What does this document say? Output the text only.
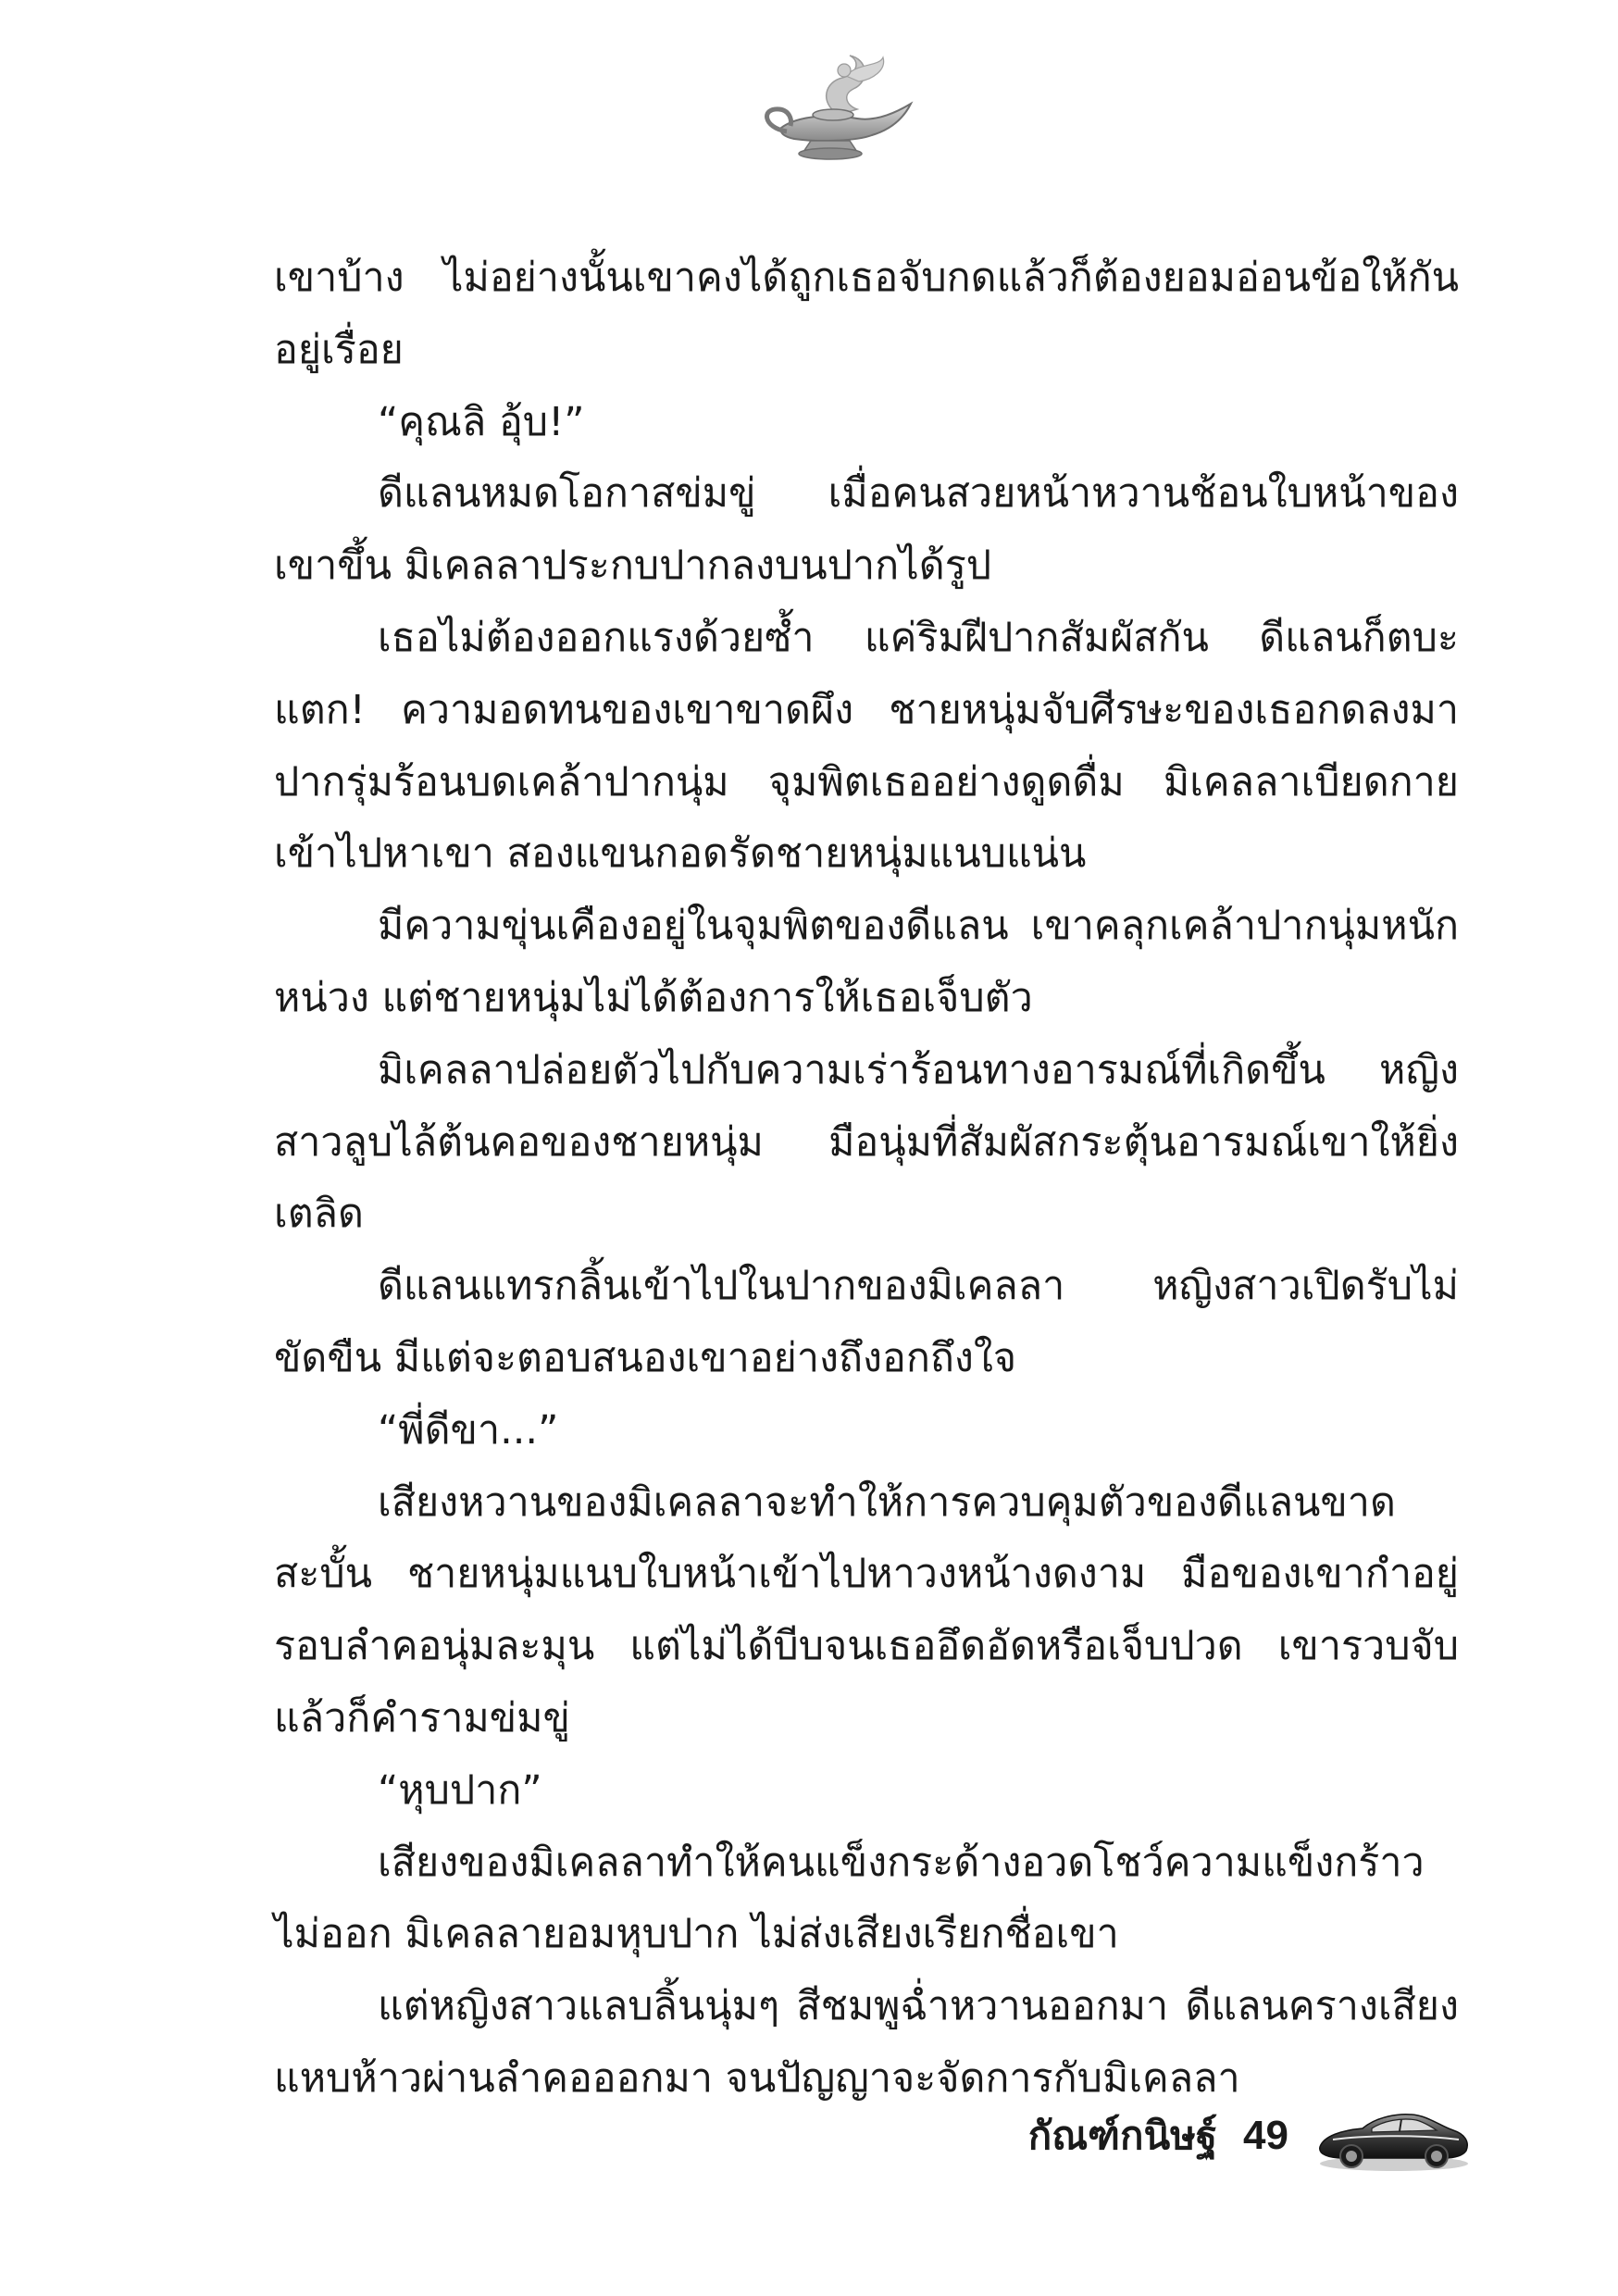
เขาบ้าง ไม่อย่างนั้นเขาคงได้ถูกเธอจับกดแล้วก็ต้องยอมอ่อนข้อให้กันอยู่เรื่อย

“คุณลิ อุ้บ!”

ดีแลนหมดโอกาสข่มขู่ เมื่อคนสวยหน้าหวานช้อนใบหน้าของเขาขึ้น มิเคลลาประกบปากลงบนปากได้รูป

เธอไม่ต้องออกแรงด้วยซ้ำ แค่ริมฝีปากสัมผัสกัน ดีแลนก็ตบะแตก! ความอดทนของเขาขาดผึง ชายหนุ่มจับศีรษะของเธอกดลงมา ปากรุ่มร้อนบดเคล้าปากนุ่ม จุมพิตเธออย่างดูดดื่ม มิเคลลาเบียดกายเข้าไปหาเขา สองแขนกอดรัดชายหนุ่มแนบแน่น

มีความขุ่นเคืองอยู่ในจุมพิตของดีแลน เขาคลุกเคล้าปากนุ่มหนักหน่วง แต่ชายหนุ่มไม่ได้ต้องการให้เธอเจ็บตัว

มิเคลลาปล่อยตัวไปกับความเร่าร้อนทางอารมณ์ที่เกิดขึ้น หญิงสาวลูบไล้ต้นคอของชายหนุ่ม มือนุ่มที่สัมผัสกระตุ้นอารมณ์เขาให้ยิ่งเตลิด

ดีแลนแทรกลิ้นเข้าไปในปากของมิเคลลา หญิงสาวเปิดรับไม่ขัดขืน มีแต่จะตอบสนองเขาอย่างถึงอกถึงใจ

“พี่ดีขา...”

เสียงหวานของมิเคลลาจะทำให้การควบคุมตัวของดีแลนขาดสะบั้น ชายหนุ่มแนบใบหน้าเข้าไปหาวงหน้างดงาม มือของเขากำอยู่รอบลำคอนุ่มละมุน แต่ไม่ได้บีบจนเธออึดอัดหรือเจ็บปวด เขารวบจับแล้วก็คำรามข่มขู่

“หุบปาก”

เสียงของมิเคลลาทำให้คนแข็งกระด้างอวดโชว์ความแข็งกร้าวไม่ออก มิเคลลายอมหุบปาก ไม่ส่งเสียงเรียกชื่อเขา

แต่หญิงสาวแลบลิ้นนุ่มๆ สีชมพูฉ่ำหวานออกมา ดีแลนครางเสียงแหบห้าวผ่านลำคอออกมา จนปัญญาจะจัดการกับมิเคลลา

กัณฑ์กนิษฐ์ 49
